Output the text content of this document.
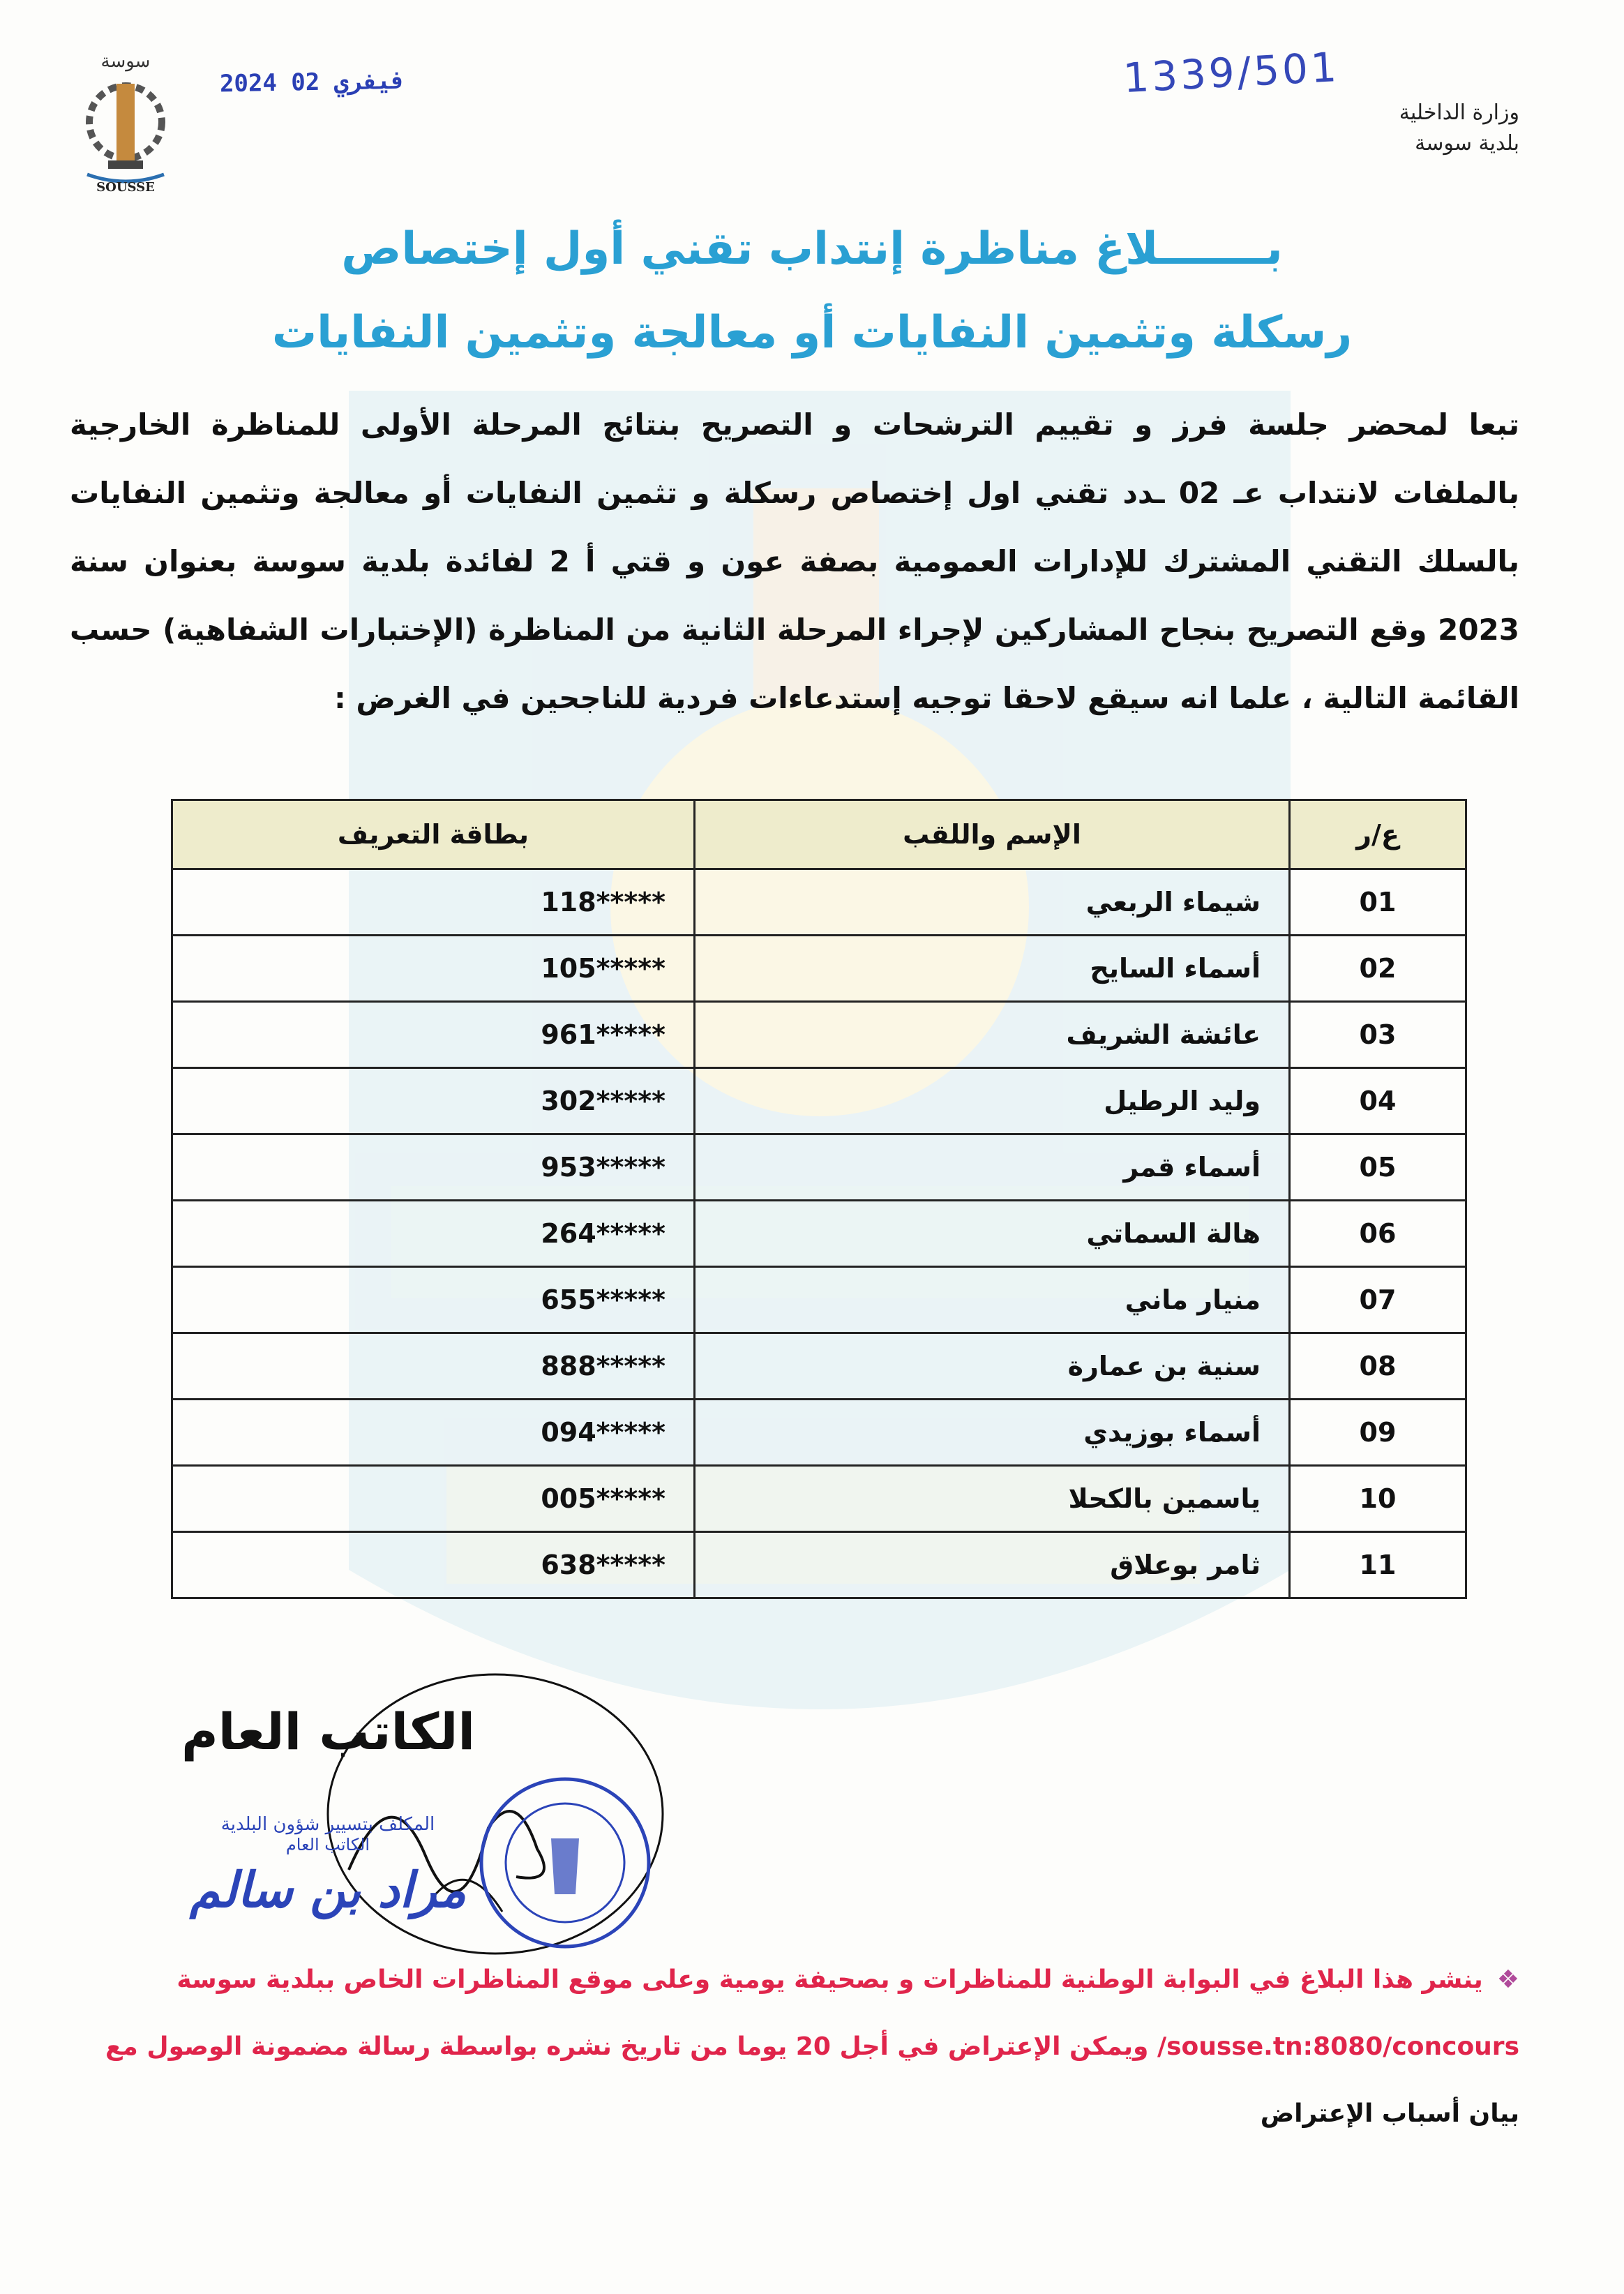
سوسة
SOUSSE
2024 فيفري 02	1339/501
وزارة الداخلية
بلدية سوسة
بـــــــلاغ مناظرة إنتداب تقني أول إختصاص
رسكلة وتثمين النفايات أو معالجة وتثمين النفايات
تبعا لمحضر جلسة فرز و تقييم الترشحات و التصريح بنتائج المرحلة الأولى للمناظرة الخارجية بالملفات لانتداب عـ 02 ـدد تقني اول إختصاص رسكلة و تثمين النفايات أو معالجة وتثمين النفايات بالسلك التقني المشترك للإدارات العمومية بصفة عون و قتي أ 2 لفائدة بلدية سوسة بعنوان سنة 2023 وقع التصريح بنجاح المشاركين لإجراء المرحلة الثانية من المناظرة (الإختبارات الشفاهية) حسب القائمة التالية ، علما انه سيقع لاحقا توجيه إستدعاءات فردية للناجحين في الغرض :
ع/ر	الإسم واللقب	بطاقة التعريف
01	شيماء الربعي	118*****
02	أسماء السايح	105*****
03	عائشة الشريف	961*****
04	وليد الرطيل	302*****
05	أسماء قمر	953*****
06	هالة السماتي	264*****
07	منيار ماني	655*****
08	سنية بن عمارة	888*****
09	أسماء بوزيدي	094*****
10	ياسمين بالكحلا	005*****
11	ثامر بوعلاق	638*****
الكاتب العام
المكلف بتسيير شؤون البلدية
الكاتب العام
مراد بن سالم
❖ينشر هذا البلاغ في البوابة الوطنية للمناظرات و بصحيفة يومية وعلى موقع المناظرات الخاص ببلدية سوسة
sousse.tn:8080/concours/ ويمكن الإعتراض في أجل 20 يوما من تاريخ نشره بواسطة رسالة مضمونة الوصول مع
بيان أسباب الإعتراض
